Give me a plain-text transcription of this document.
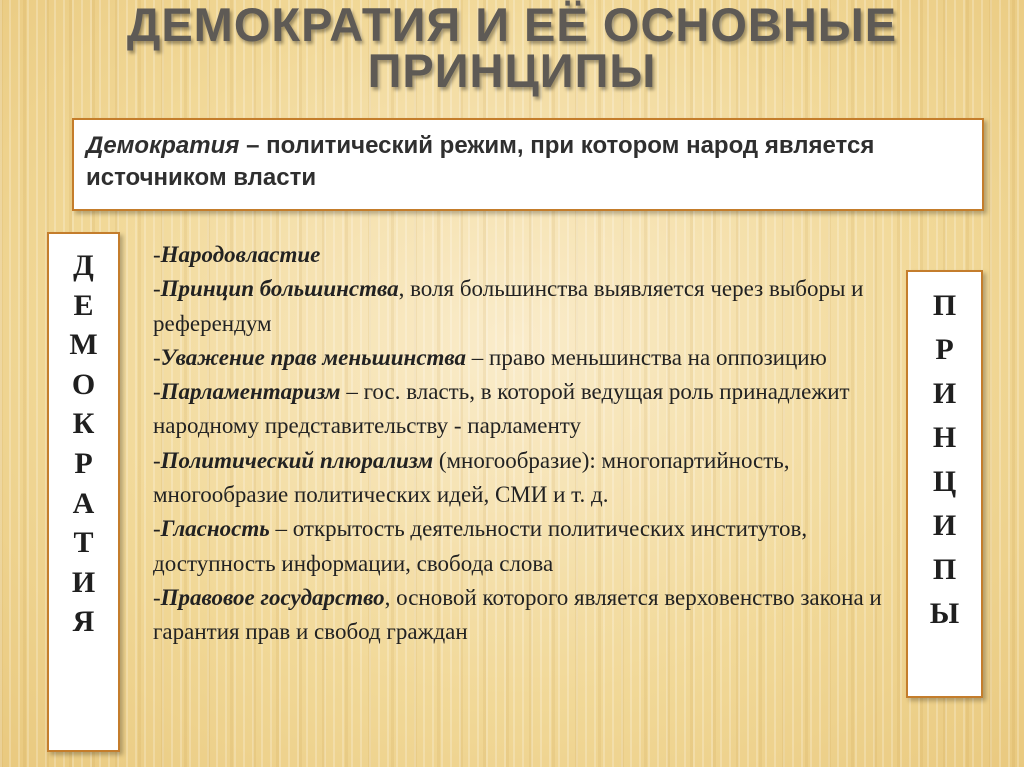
ДЕМОКРАТИЯ И ЕЁ ОСНОВНЫЕ
ПРИНЦИПЫ
Демократия – политический режим, при котором народ является источником власти
Д
Е
М
О
К
Р
А
Т
И
Я
-Народовластие
-Принцип большинства, воля большинства выявляется через выборы и референдум
-Уважение прав меньшинства – право меньшинства на оппозицию
-Парламентаризм – гос. власть, в которой ведущая роль принадлежит народному представительству - парламенту
-Политический плюрализм (многообразие): многопартийность, многообразие политических идей, СМИ и т. д.
-Гласность – открытость деятельности политических институтов, доступность информации, свобода слова
-Правовое государство, основой которого является верховенство закона и гарантия прав и свобод граждан
П
Р
И
Н
Ц
И
П
Ы
